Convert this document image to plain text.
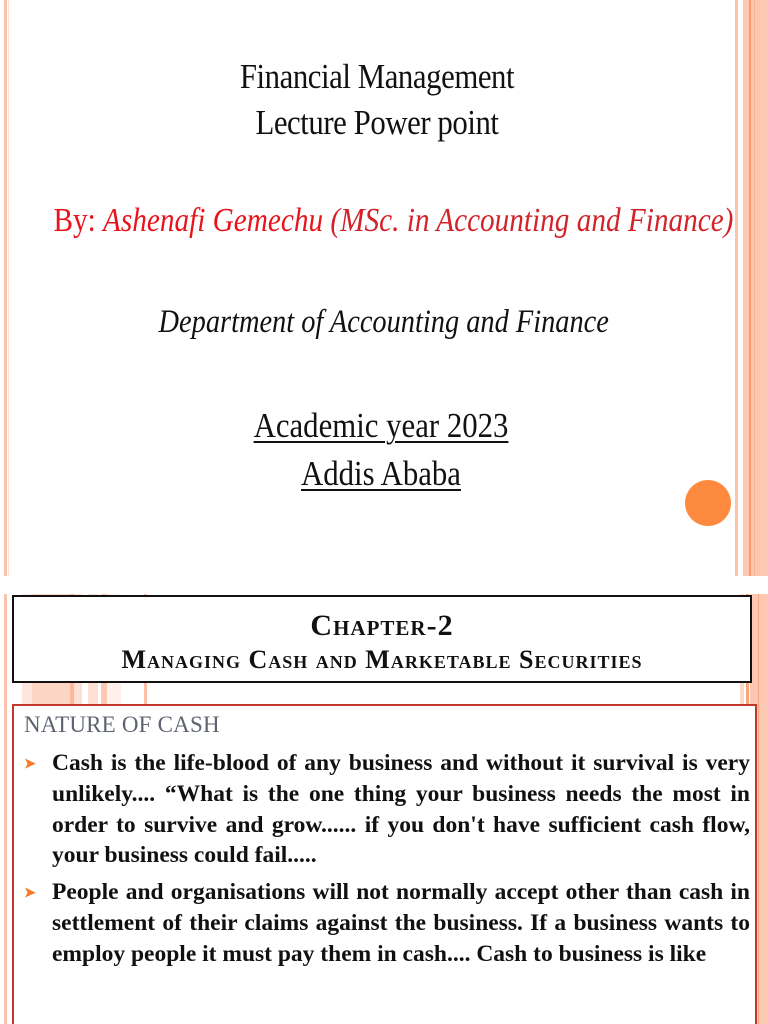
Financial Management
Lecture Power point
By: Ashenafi Gemechu (MSc. in Accounting and Finance)
Department of Accounting and Finance
Academic year 2023
Addis Ababa
Chapter-2
Managing Cash and Marketable Securities
NATURE OF CASH
➤ Cash is the life-blood of any business and without it survival is very unlikely.... “What is the one thing your business needs the most in order to survive and grow...... if you don't have sufficient cash flow, your business could fail.....
➤ People and organisations will not normally accept other than cash in settlement of their claims against the business. If a business wants to employ people it must pay them in cash.... Cash to business is like
